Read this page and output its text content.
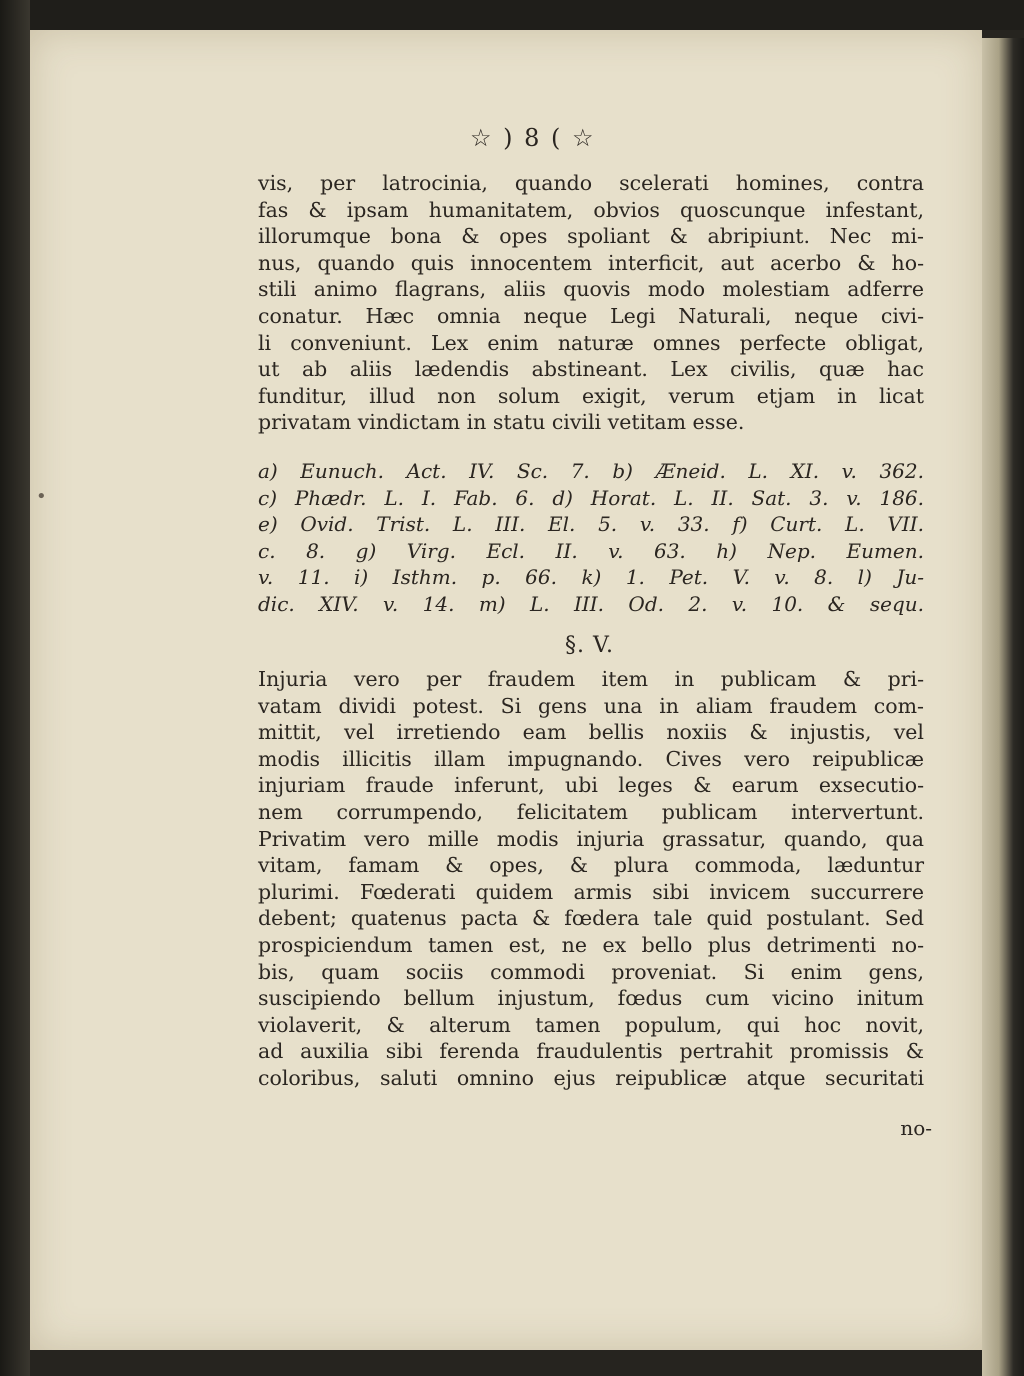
☆ ) 8 ( ☆
vis, per latrocinia, quando scelerati homines, contra
fas & ipsam humanitatem, obvios quoscunque infestant,
illorumque bona & opes spoliant & abripiunt. Nec mi-
nus, quando quis innocentem interficit, aut acerbo & ho-
stili animo flagrans, aliis quovis modo molestiam adferre
conatur. Hæc omnia neque Legi Naturali, neque civi-
li conveniunt. Lex enim naturæ omnes perfecte obligat,
ut ab aliis lædendis abstineant. Lex civilis, quæ hac
funditur, illud non solum exigit, verum etjam in licat
privatam vindictam in statu civili vetitam esse.
a) Eunuch. Act. IV. Sc. 7. b) Æneid. L. XI. v. 362.
c) Phædr. L. I. Fab. 6. d) Horat. L. II. Sat. 3. v. 186.
e) Ovid. Trist. L. III. El. 5. v. 33. f) Curt. L. VII.
c. 8. g) Virg. Ecl. II. v. 63. h) Nep. Eumen.
v. 11. i) Isthm. p. 66. k) 1. Pet. V. v. 8. l) Ju-
dic. XIV. v. 14. m) L. III. Od. 2. v. 10. & sequ.
§. V.
Injuria vero per fraudem item in publicam & pri-
vatam dividi potest. Si gens una in aliam fraudem com-
mittit, vel irretiendo eam bellis noxiis & injustis, vel
modis illicitis illam impugnando. Cives vero reipublicæ
injuriam fraude inferunt, ubi leges & earum exsecutio-
nem corrumpendo, felicitatem publicam intervertunt.
Privatim vero mille modis injuria grassatur, quando, qua
vitam, famam & opes, & plura commoda, læduntur
plurimi. Fœderati quidem armis sibi invicem succurrere
debent; quatenus pacta & fœdera tale quid postulant. Sed
prospiciendum tamen est, ne ex bello plus detrimenti no-
bis, quam sociis commodi proveniat. Si enim gens,
suscipiendo bellum injustum, fœdus cum vicino initum
violaverit, & alterum tamen populum, qui hoc novit,
ad auxilia sibi ferenda fraudulentis pertrahit promissis &
coloribus, saluti omnino ejus reipublicæ atque securitati
no-
•
